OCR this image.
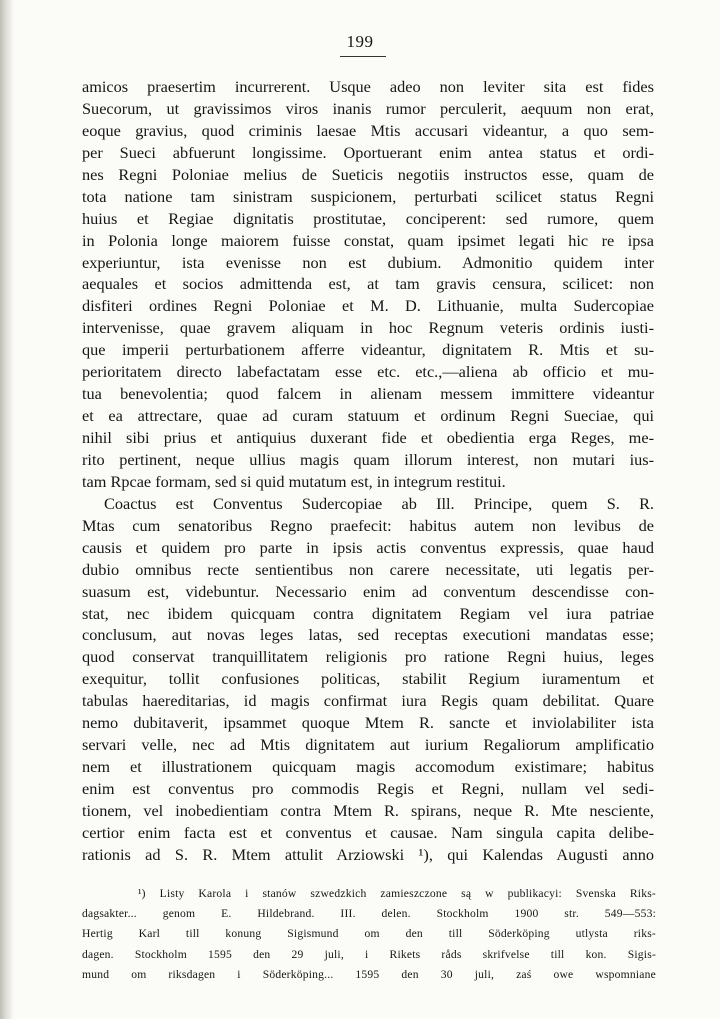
199
amicos praesertim incurrerent. Usque adeo non leviter sita est fides
Suecorum, ut gravissimos viros inanis rumor perculerit, aequum non erat,
eoque gravius, quod criminis laesae Mtis accusari videantur, a quo sem-
per Sueci abfuerunt longissime. Oportuerant enim antea status et ordi-
nes Regni Poloniae melius de Sueticis negotiis instructos esse, quam de
tota natione tam sinistram suspicionem, perturbati scilicet status Regni
huius et Regiae dignitatis prostitutae, conciperent: sed rumore, quem
in Polonia longe maiorem fuisse constat, quam ipsimet legati hic re ipsa
experiuntur, ista evenisse non est dubium. Admonitio quidem inter
aequales et socios admittenda est, at tam gravis censura, scilicet: non
disfiteri ordines Regni Poloniae et M. D. Lithuanie, multa Sudercopiae
intervenisse, quae gravem aliquam in hoc Regnum veteris ordinis iusti-
que imperii perturbationem afferre videantur, dignitatem R. Mtis et su-
perioritatem directo labefactatam esse etc. etc.,—aliena ab officio et mu-
tua benevolentia; quod falcem in alienam messem immittere videantur
et ea attrectare, quae ad curam statuum et ordinum Regni Sueciae, qui
nihil sibi prius et antiquius duxerant fide et obedientia erga Reges, me-
rito pertinent, neque ullius magis quam illorum interest, non mutari ius-
tam Rpcae formam, sed si quid mutatum est, in integrum restitui.
Coactus est Conventus Sudercopiae ab Ill. Principe, quem S. R.
Mtas cum senatoribus Regno praefecit: habitus autem non levibus de
causis et quidem pro parte in ipsis actis conventus expressis, quae haud
dubio omnibus recte sentientibus non carere necessitate, uti legatis per-
suasum est, videbuntur. Necessario enim ad conventum descendisse con-
stat, nec ibidem quicquam contra dignitatem Regiam vel iura patriae
conclusum, aut novas leges latas, sed receptas executioni mandatas esse;
quod conservat tranquillitatem religionis pro ratione Regni huius, leges
exequitur, tollit confusiones politicas, stabilit Regium iuramentum et
tabulas haereditarias, id magis confirmat iura Regis quam debilitat. Quare
nemo dubitaverit, ipsammet quoque Mtem R. sancte et inviolabiliter ista
servari velle, nec ad Mtis dignitatem aut iurium Regaliorum amplificatio
nem et illustrationem quicquam magis accomodum existimare; habitus
enim est conventus pro commodis Regis et Regni, nullam vel sedi-
tionem, vel inobedientiam contra Mtem R. spirans, neque R. Mte nesciente,
certior enim facta est et conventus et causae. Nam singula capita delibe-
rationis ad S. R. Mtem attulit Arziowski ¹), qui Kalendas Augusti anno
¹) Listy Karola i stanów szwedzkich zamieszczone są w publikacyi: Svenska Riks-
dagsakter... genom E. Hildebrand. III. delen. Stockholm 1900 str. 549—553:
Hertig Karl till konung Sigismund om den till Söderköping utlysta riks-
dagen. Stockholm 1595 den 29 juli, i Rikets råds skrifvelse till kon. Sigis-
mund om riksdagen i Söderköping... 1595 den 30 juli, zaś owe wspomniane
